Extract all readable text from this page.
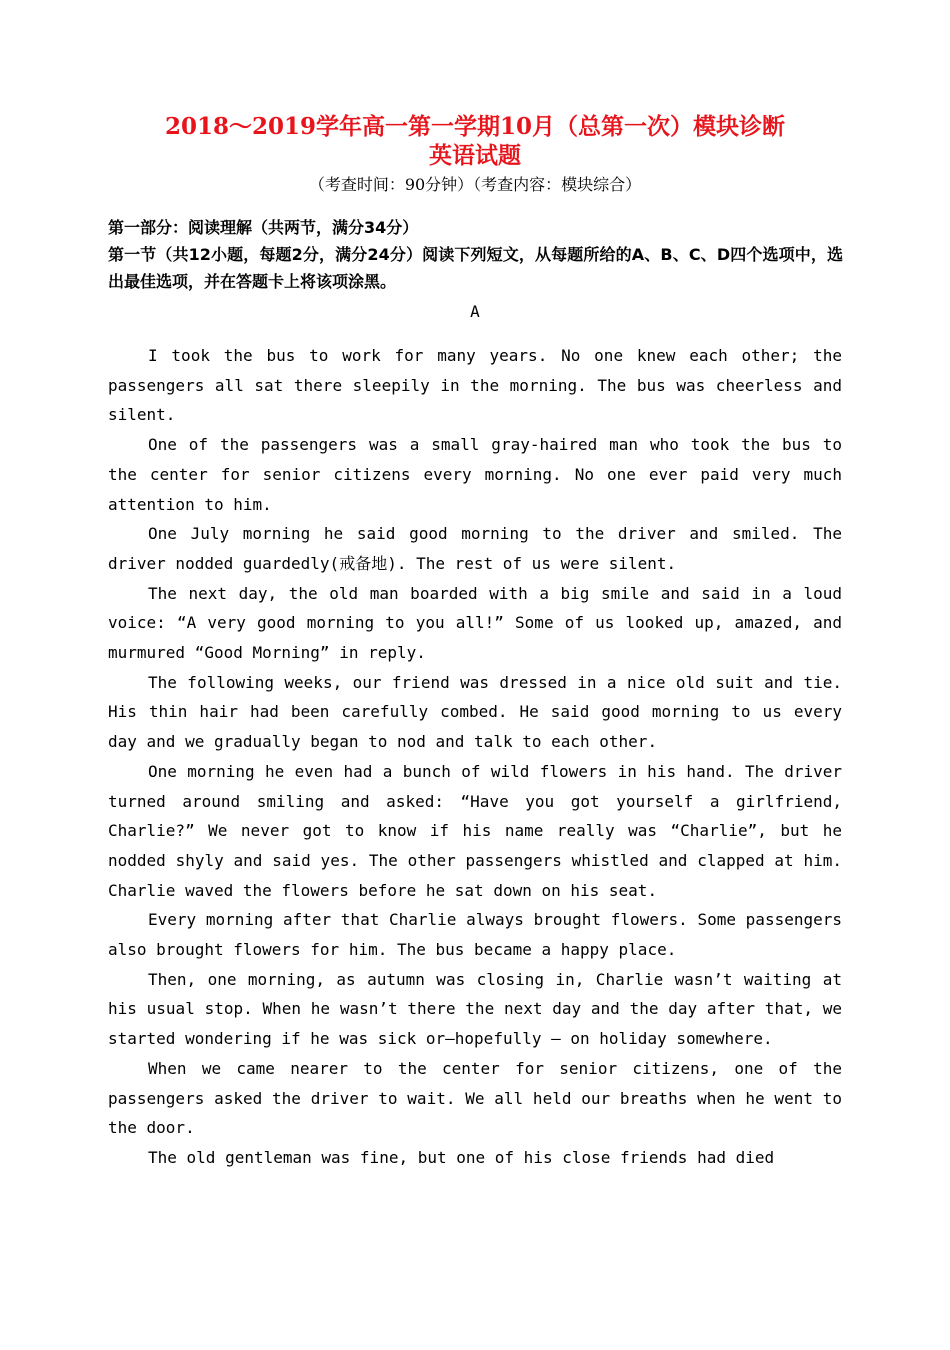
2018～2019学年高一第一学期10月（总第一次）模块诊断
英语试题
（考查时间：90分钟）（考查内容：模块综合）
第一部分：阅读理解（共两节，满分34分）
第一节（共12小题，每题2分，满分24分）阅读下列短文，从每题所给的A、B、C、D四个选项中，选出最佳选项，并在答题卡上将该项涂黑。
A

I took the bus to work for many years. No one knew each other; the passengers all sat there sleepily in the morning. The bus was cheerless and silent.

One of the passengers was a small gray-haired man who took the bus to the center for senior citizens every morning. No one ever paid very much attention to him.

One July morning he said good morning to the driver and smiled. The driver nodded guardedly(戒备地). The rest of us were silent.

The next day, the old man boarded with a big smile and said in a loud voice: “A very good morning to you all!” Some of us looked up, amazed, and murmured “Good Morning” in reply.

The following weeks, our friend was dressed in a nice old suit and tie. His thin hair had been carefully combed. He said good morning to us every day and we gradually began to nod and talk to each other.

One morning he even had a bunch of wild flowers in his hand. The driver turned around smiling and asked: “Have you got yourself a girlfriend, Charlie?” We never got to know if his name really was “Charlie”, but he nodded shyly and said yes. The other passengers whistled and clapped at him. Charlie waved the flowers before he sat down on his seat.

Every morning after that Charlie always brought flowers. Some passengers also brought flowers for him. The bus became a happy place.

Then, one morning, as autumn was closing in, Charlie wasn’t waiting at his usual stop. When he wasn’t there the next day and the day after that, we started wondering if he was sick or—hopefully – on holiday somewhere.

When we came nearer to the center for senior citizens, one of the passengers asked the driver to wait. We all held our breaths when he went to the door.

The old gentleman was fine, but one of his close friends had died
